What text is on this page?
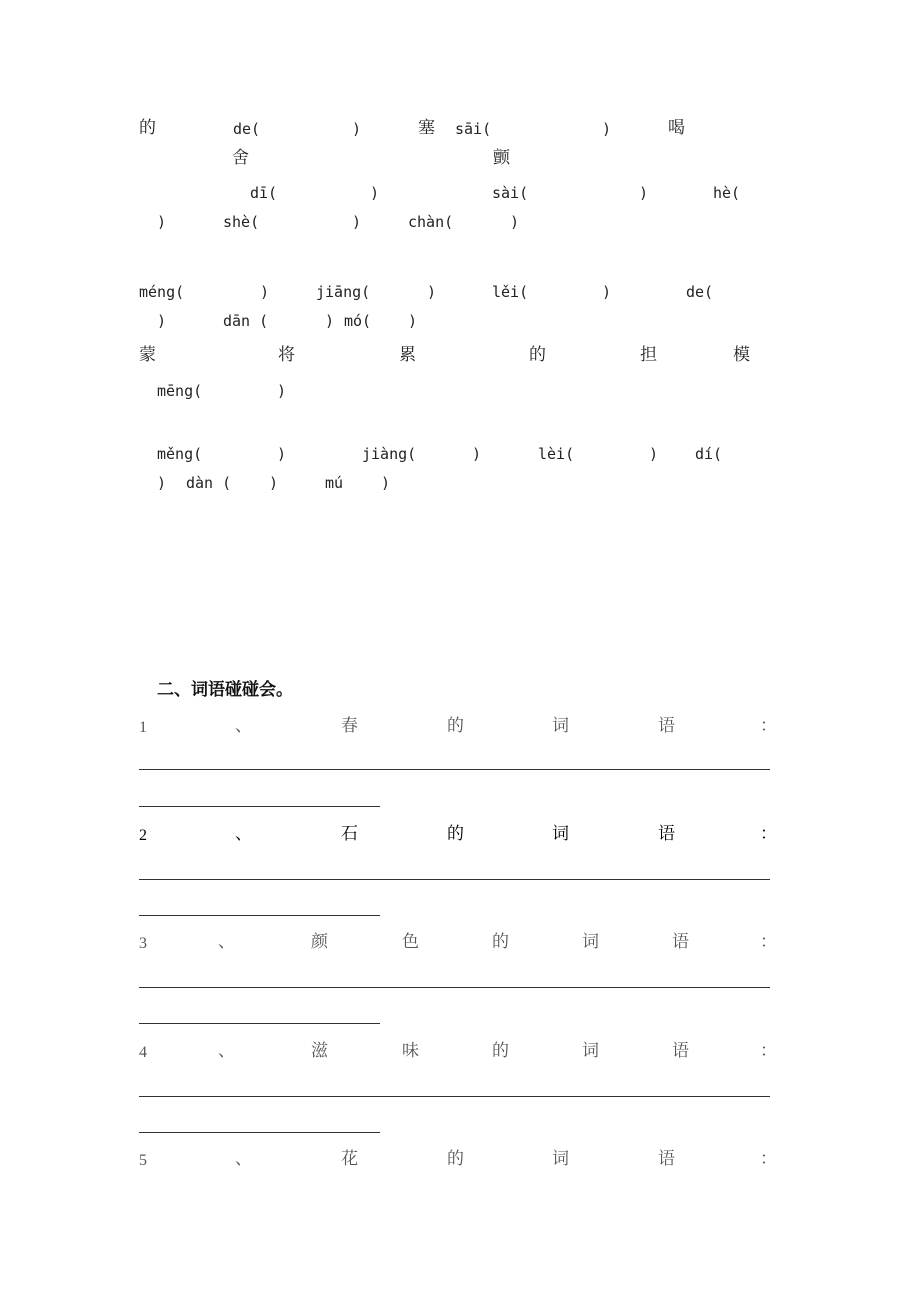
的	de(	)	塞 sāi(	)	喝
舍	颤
dī(	)	sài(	)	hè(
)	shè(	)	chàn(	)
méng(	)	jiāng(	)	lěi(	)	de(
)	dān (	) mó( )
蒙	将	累	的	担	模
mēng(	)
měng(	)	jiàng(	)	lèi(	) dí(
) dàn (	)	mú	)
二、词语碰碰会。
1	、	春	的	词	语	：
2	、	石	的	词	语	：
3	、	颜	色	的	词	语	：
4	、	滋	味	的	词	语	：
5	、	花	的	词	语	：
